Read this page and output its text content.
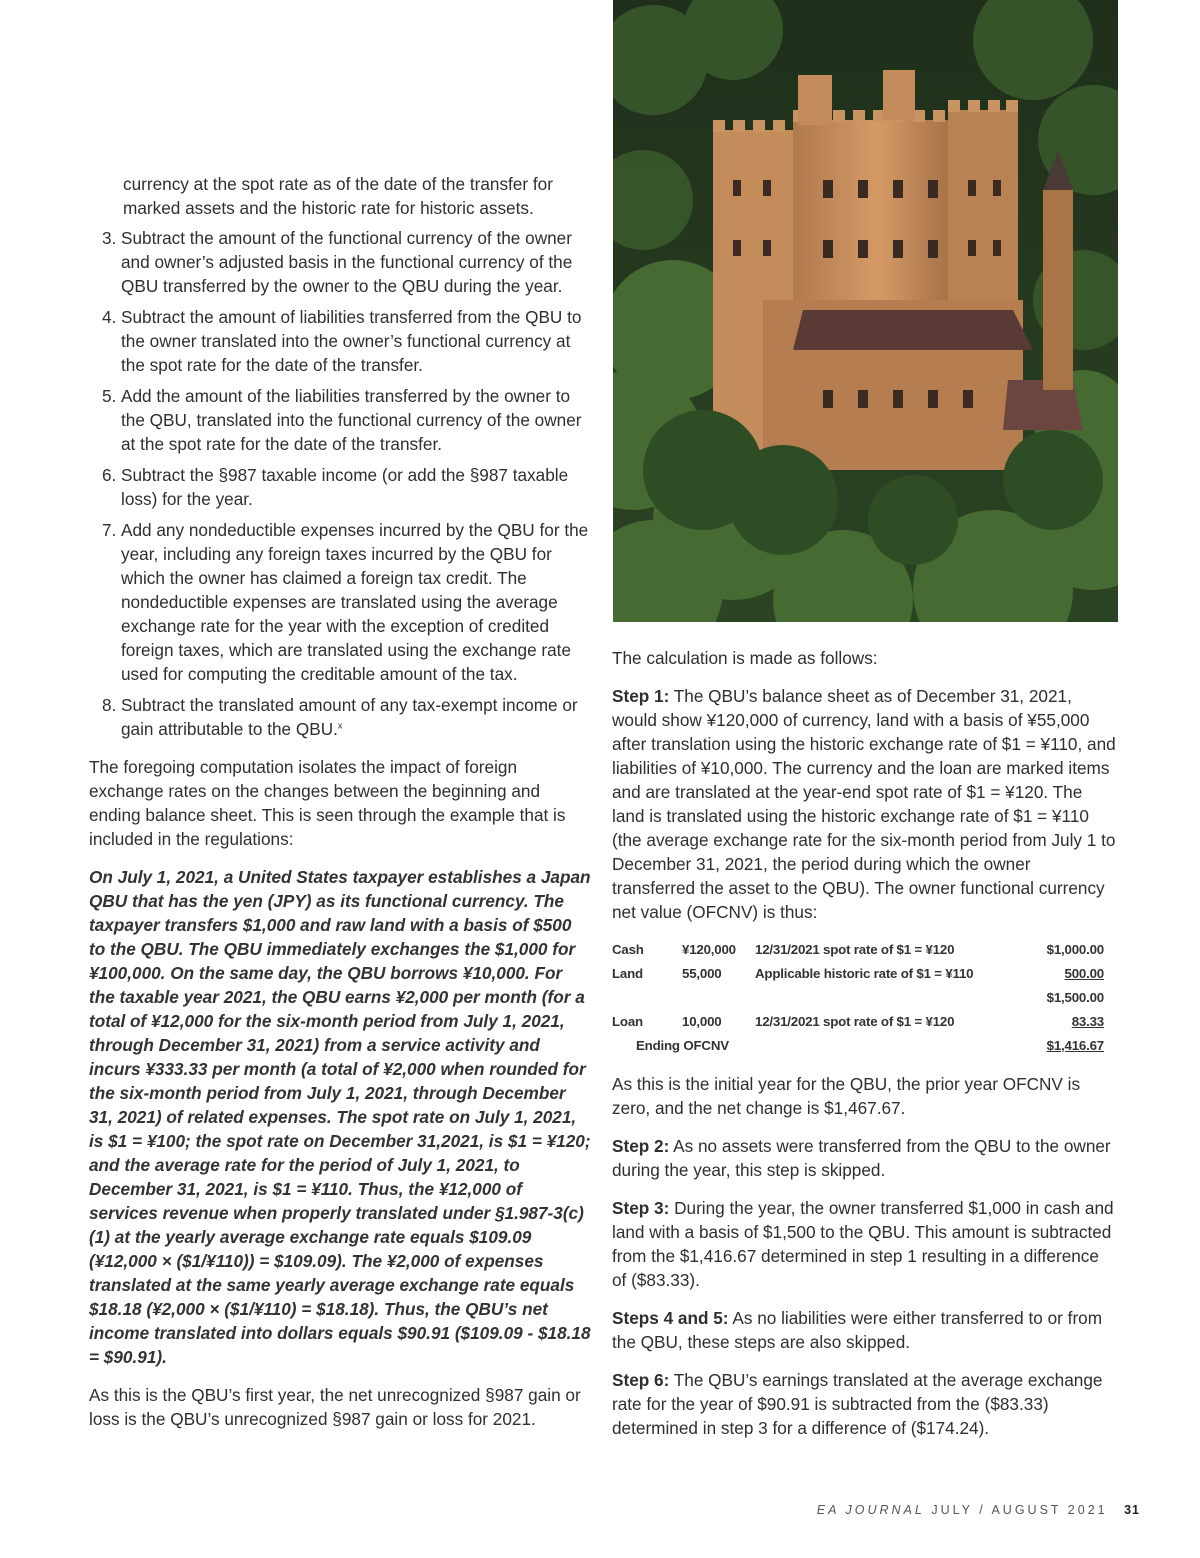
currency at the spot rate as of the date of the transfer for marked assets and the historic rate for historic assets.

3. Subtract the amount of the functional currency of the owner and owner’s adjusted basis in the functional currency of the QBU transferred by the owner to the QBU during the year.
4. Subtract the amount of liabilities transferred from the QBU to the owner translated into the owner’s functional currency at the spot rate for the date of the transfer.
5. Add the amount of the liabilities transferred by the owner to the QBU, translated into the functional currency of the owner at the spot rate for the date of the transfer.
6. Subtract the §987 taxable income (or add the §987 taxable loss) for the year.
7. Add any nondeductible expenses incurred by the QBU for the year, including any foreign taxes incurred by the QBU for which the owner has claimed a foreign tax credit. The nondeductible expenses are translated using the average exchange rate for the year with the exception of credited foreign taxes, which are translated using the exchange rate used for computing the creditable amount of the tax.
8. Subtract the translated amount of any tax-exempt income or gain attributable to the QBU.$^x$

The foregoing computation isolates the impact of foreign exchange rates on the changes between the beginning and ending balance sheet. This is seen through the example that is included in the regulations:

On July 1, 2021, a United States taxpayer establishes a Japan QBU that has the yen (JPY) as its functional currency. The taxpayer transfers $1,000 and raw land with a basis of $500 to the QBU. The QBU immediately exchanges the $1,000 for ¥100,000. On the same day, the QBU borrows ¥10,000. For the taxable year 2021, the QBU earns ¥2,000 per month (for a total of ¥12,000 for the six-month period from July 1, 2021, through December 31, 2021) from a service activity and incurs ¥333.33 per month (a total of ¥2,000 when rounded for the six-month period from July 1, 2021, through December 31, 2021) of related expenses. The spot rate on July 1, 2021, is $1 = ¥100; the spot rate on December 31,2021, is $1 = ¥120; and the average rate for the period of July 1, 2021, to December 31, 2021, is $1 = ¥110. Thus, the ¥12,000 of services revenue when properly translated under §1.987-3(c)(1) at the yearly average exchange rate equals $109.09 (¥12,000 × ($1/¥110)) = $109.09). The ¥2,000 of expenses translated at the same yearly average exchange rate equals $18.18 (¥2,000 × ($1/¥110) = $18.18). Thus, the QBU’s net income translated into dollars equals $90.91 ($109.09 - $18.18 = $90.91).

As this is the QBU’s first year, the net unrecognized §987 gain or loss is the QBU’s unrecognized §987 gain or loss for 2021.

The calculation is made as follows:

Step 1: The QBU’s balance sheet as of December 31, 2021, would show ¥120,000 of currency, land with a basis of ¥55,000 after translation using the historic exchange rate of $1 = ¥110, and liabilities of ¥10,000. The currency and the loan are marked items and are translated at the year-end spot rate of $1 = ¥120. The land is translated using the historic exchange rate of $1 = ¥110 (the average exchange rate for the six-month period from July 1 to December 31, 2021, the period during which the owner transferred the asset to the QBU). The owner functional currency net value (OFCNV) is thus:

Cash	¥120,000	12/31/2021 spot rate of $1 = ¥120	$1,000.00
Land	55,000	Applicable historic rate of $1 = ¥110	500.00
			$1,500.00
Loan	10,000	12/31/2021 spot rate of $1 = ¥120	83.33
Ending OFCNV			$1,416.67

As this is the initial year for the QBU, the prior year OFCNV is zero, and the net change is $1,467.67.

Step 2: As no assets were transferred from the QBU to the owner during the year, this step is skipped.

Step 3: During the year, the owner transferred $1,000 in cash and land with a basis of $1,500 to the QBU. This amount is subtracted from the $1,416.67 determined in step 1 resulting in a difference of ($83.33).

Steps 4 and 5: As no liabilities were either transferred to or from the QBU, these steps are also skipped.

Step 6: The QBU’s earnings translated at the average exchange rate for the year of $90.91 is subtracted from the ($83.33) determined in step 3 for a difference of ($174.24).

EA JOURNAL JULY / AUGUST 2021 31
